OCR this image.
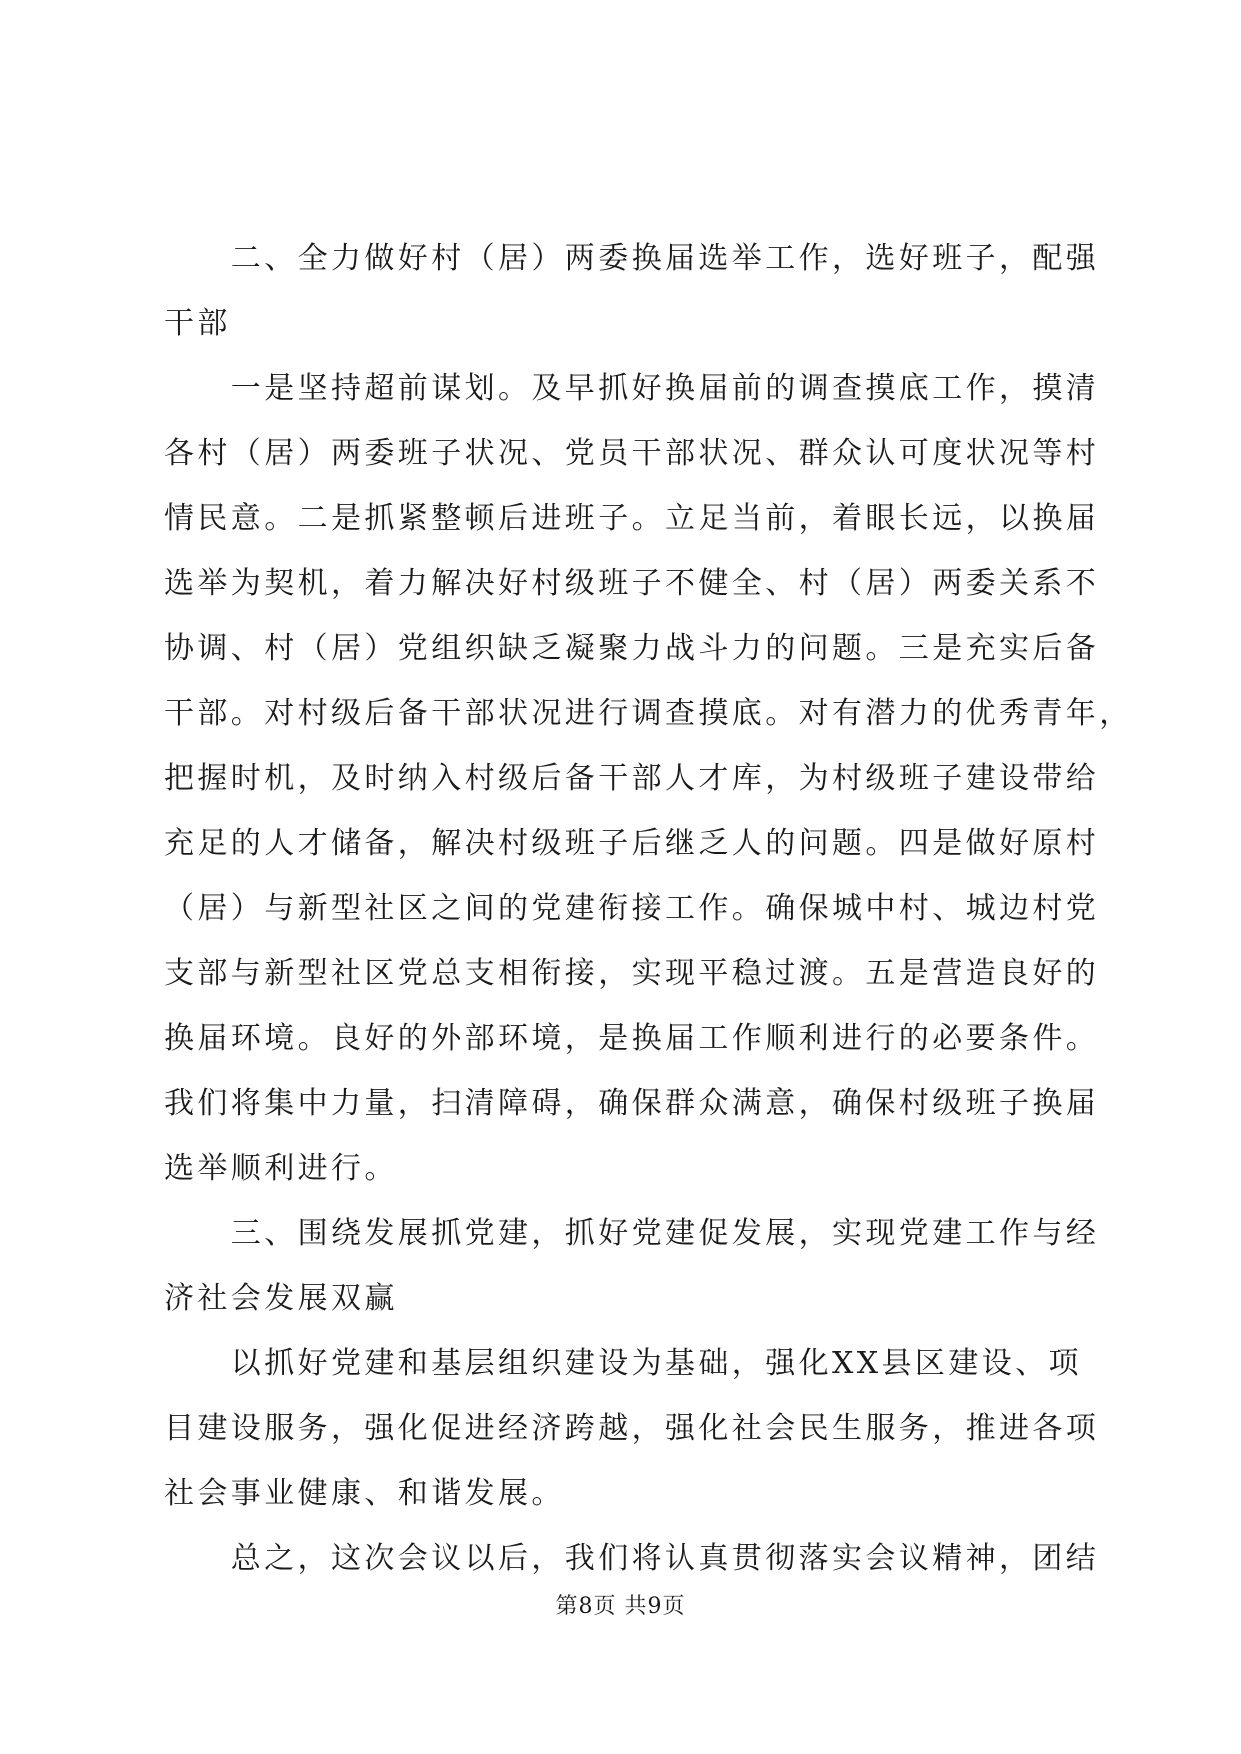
　　二、全力做好村（居）两委换届选举工作，选好班子，配强
干部
　　一是坚持超前谋划。及早抓好换届前的调查摸底工作，摸清
各村（居）两委班子状况、党员干部状况、群众认可度状况等村
情民意。二是抓紧整顿后进班子。立足当前，着眼长远，以换届
选举为契机，着力解决好村级班子不健全、村（居）两委关系不
协调、村（居）党组织缺乏凝聚力战斗力的问题。三是充实后备
干部。对村级后备干部状况进行调查摸底。对有潜力的优秀青年，
把握时机，及时纳入村级后备干部人才库，为村级班子建设带给
充足的人才储备，解决村级班子后继乏人的问题。四是做好原村
（居）与新型社区之间的党建衔接工作。确保城中村、城边村党
支部与新型社区党总支相衔接，实现平稳过渡。五是营造良好的
换届环境。良好的外部环境，是换届工作顺利进行的必要条件。
我们将集中力量，扫清障碍，确保群众满意，确保村级班子换届
选举顺利进行。
　　三、围绕发展抓党建，抓好党建促发展，实现党建工作与经
济社会发展双赢
　　以抓好党建和基层组织建设为基础，强化XX县区建设、项
目建设服务，强化促进经济跨越，强化社会民生服务，推进各项
社会事业健康、和谐发展。
　　总之，这次会议以后，我们将认真贯彻落实会议精神，团结
第8页 共9页
